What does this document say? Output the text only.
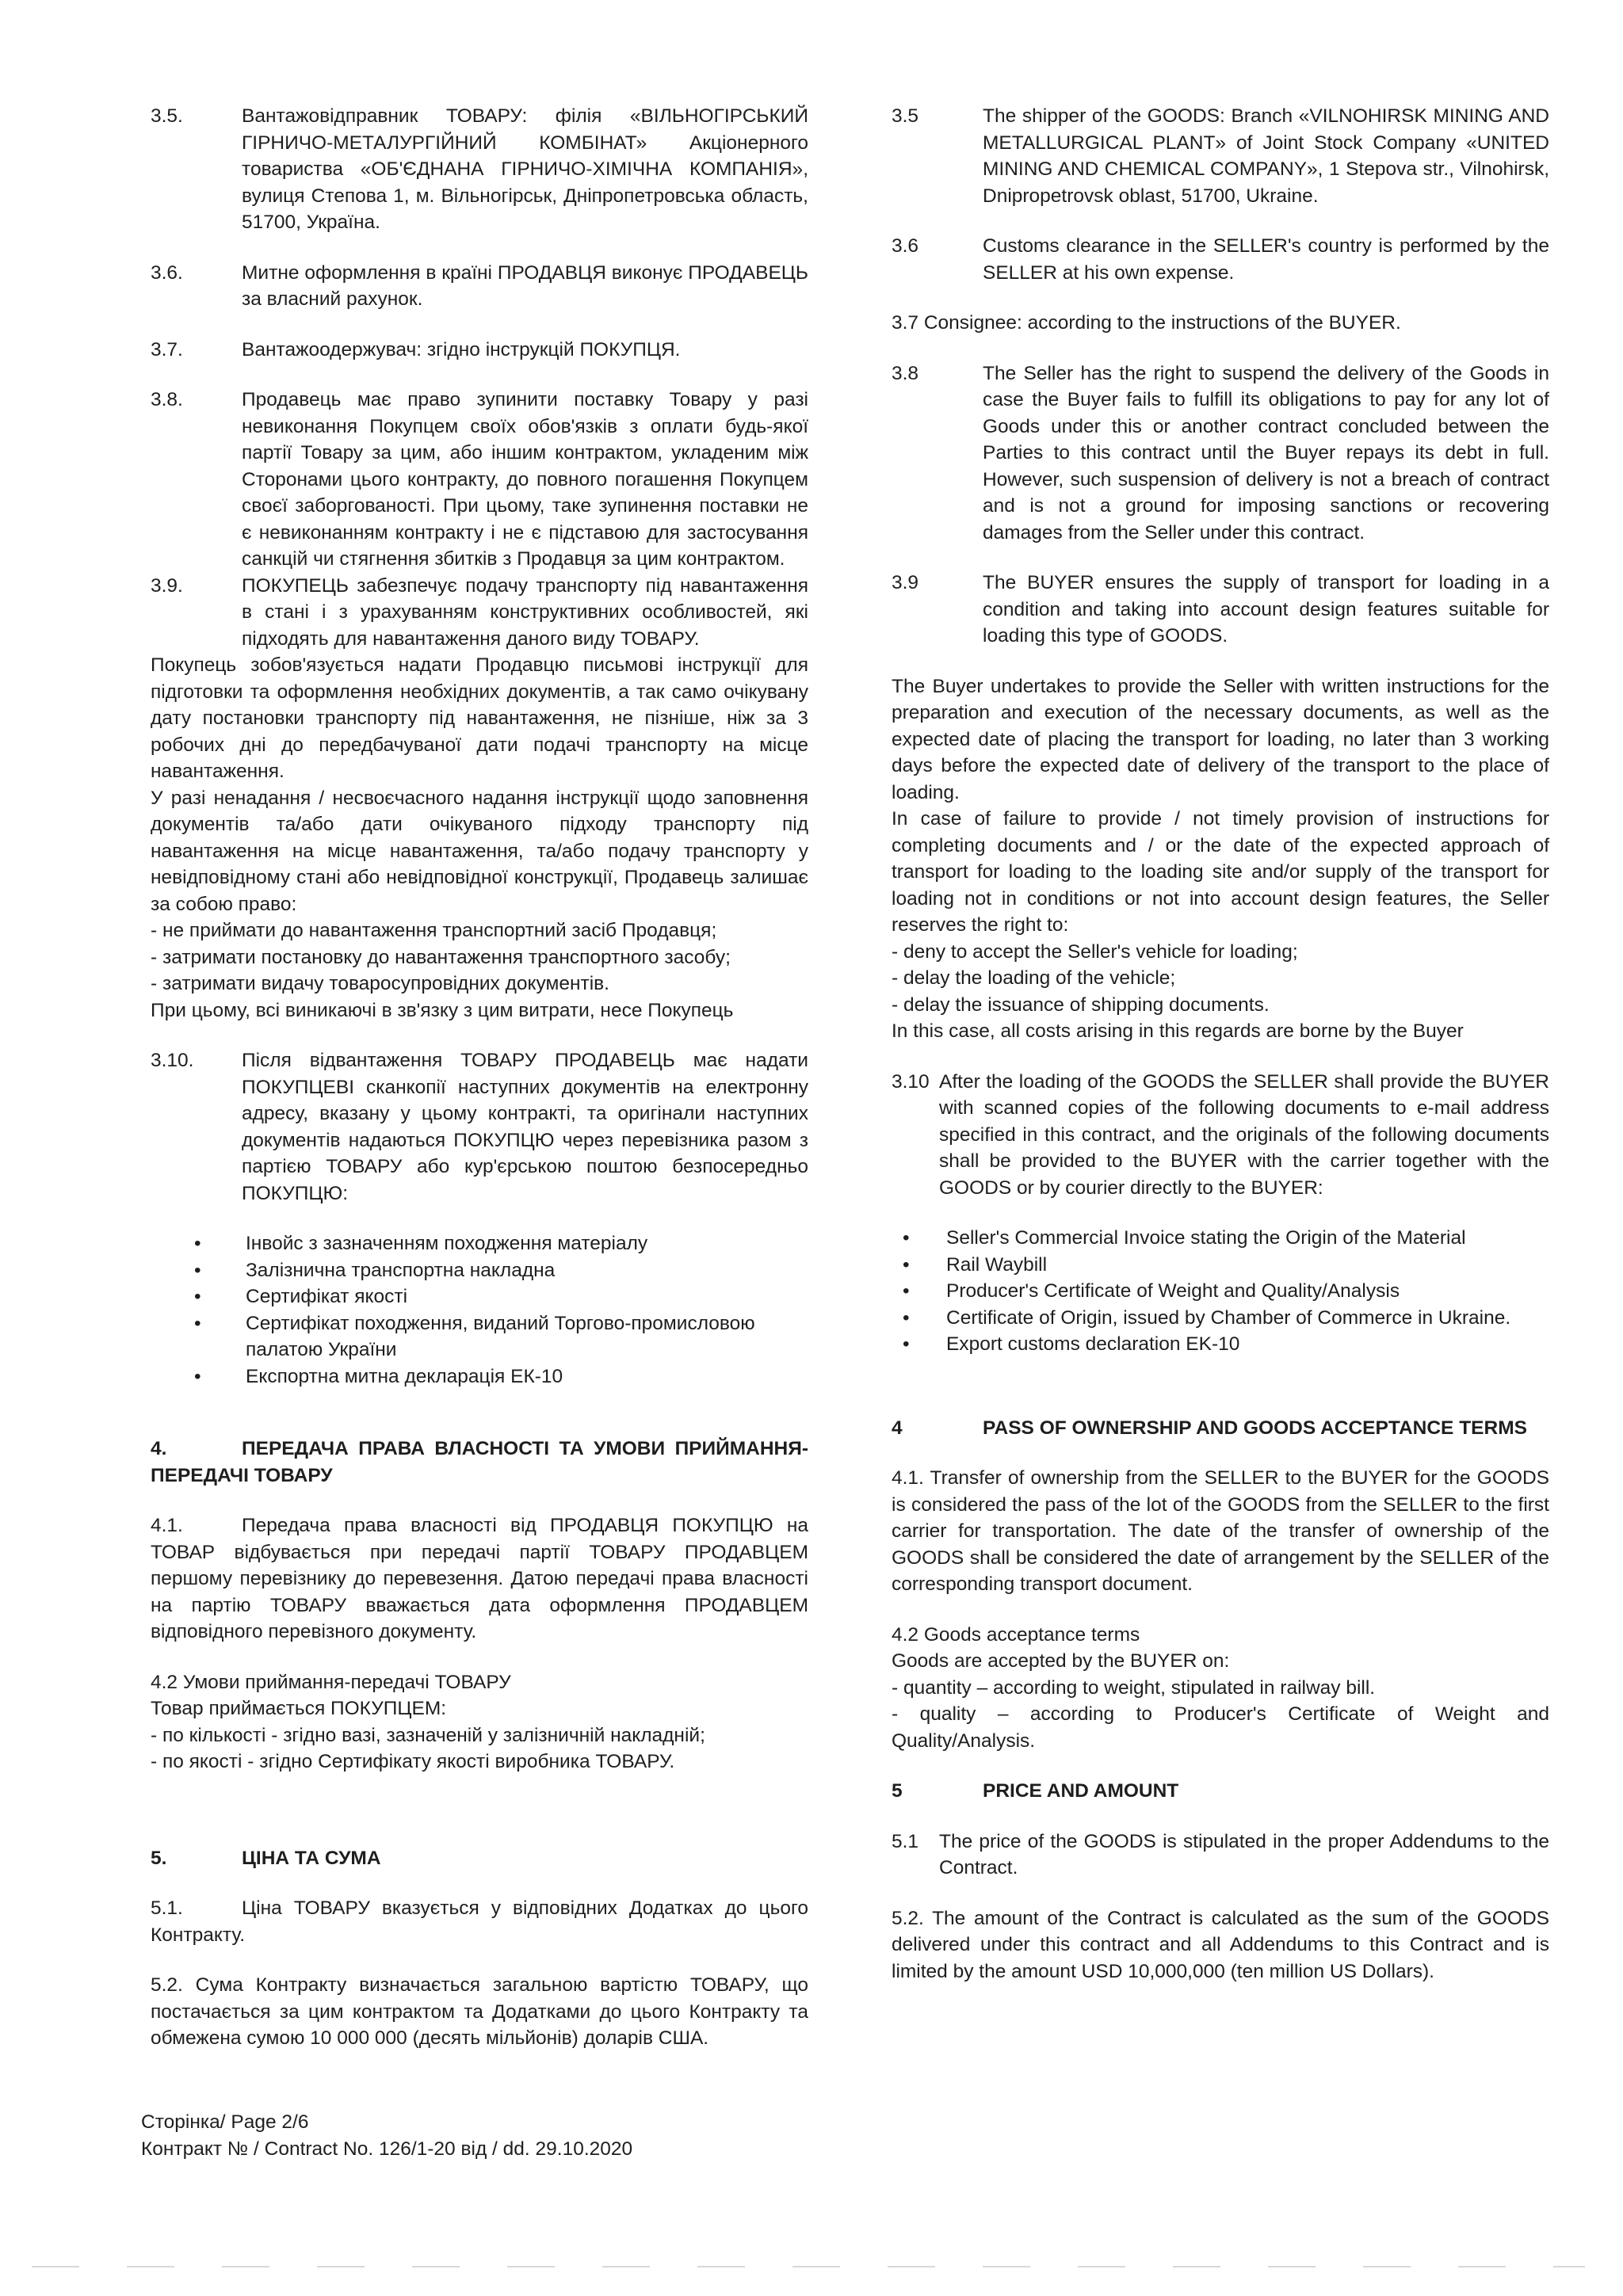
3.5.	Вантажовідправник ТОВАРУ: філія «ВІЛЬНОГІРСЬКИЙ ГІРНИЧО-МЕТАЛУРГІЙНИЙ КОМБІНАТ» Акціонерного товариства «ОБ'ЄДНАНА ГІРНИЧО-ХІМІЧНА КОМПАНІЯ», вулиця Степова 1, м. Вільногірськ, Дніпропетровська область, 51700, Україна.
3.6.	Митне оформлення в країні ПРОДАВЦЯ виконує ПРОДАВЕЦЬ за власний рахунок.
3.7.	Вантажоодержувач: згідно інструкцій ПОКУПЦЯ.
3.8.	Продавець має право зупинити поставку Товару у разі невиконання Покупцем своїх обов'язків з оплати будь-якої партії Товару за цим, або іншим контрактом, укладеним між Сторонами цього контракту, до повного погашення Покупцем своєї заборгованості. При цьому, таке зупинення поставки не є невиконанням контракту і не є підставою для застосування санкцій чи стягнення збитків з Продавця за цим контрактом.
3.9.	ПОКУПЕЦЬ забезпечує подачу транспорту під навантаження в стані і з урахуванням конструктивних особливостей, які підходять для навантаження даного виду ТОВАРУ.

Покупець зобов'язується надати Продавцю письмові інструкції для підготовки та оформлення необхідних документів, а так само очікувану дату постановки транспорту під навантаження, не пізніше, ніж за 3 робочих дні до передбачуваної дати подачі транспорту на місце навантаження.

У разі ненадання / несвоєчасного надання інструкції щодо заповнення документів та/або дати очікуваного підходу транспорту під навантаження на місце навантаження, та/або подачу транспорту у невідповідному стані або невідповідної конструкції, Продавець залишає за собою право:

- не приймати до навантаження транспортний засіб Продавця;

- затримати постановку до навантаження транспортного засобу;

- затримати видачу товаросупровідних документів.

При цьому, всі виникаючі в зв'язку з цим витрати, несе Покупець

3.10.	Після відвантаження ТОВАРУ ПРОДАВЕЦЬ має надати ПОКУПЦЕВІ сканкопії наступних документів на електронну адресу, вказану у цьому контракті, та оригінали наступних документів надаються ПОКУПЦЮ через перевізника разом з партією ТОВАРУ або кур'єрською поштою безпосередньо ПОКУПЦЮ:
•	Інвойс з зазначенням походження матеріалу
•	Залізнична транспортна накладна
•	Сертифікат якості
•	Сертифікат походження, виданий Торгово-промисловою палатою України
•	Експортна митна декларація ЕК-10

4.	ПЕРЕДАЧА ПРАВА ВЛАСНОСТІ ТА УМОВИ ПРИЙМАННЯ-ПЕРЕДАЧІ ТОВАРУ

4.1.	Передача права власності від ПРОДАВЦЯ ПОКУПЦЮ на ТОВАР відбувається при передачі партії ТОВАРУ ПРОДАВЦЕМ першому перевізнику до перевезення. Датою передачі права власності на партію ТОВАРУ вважається дата оформлення ПРОДАВЦЕМ відповідного перевізного документу.

4.2 Умови приймання-передачі ТОВАРУ

Товар приймається ПОКУПЦЕМ:

- по кількості - згідно вазі, зазначеній у залізничній накладній;

- по якості - згідно Сертифікату якості виробника ТОВАРУ.

5.	ЦІНА ТА СУМА

5.1.	Ціна ТОВАРУ вказується у відповідних Додатках до цього Контракту.

5.2. Сума Контракту визначається загальною вартістю ТОВАРУ, що постачається за цим контрактом та Додатками до цього Контракту та обмежена сумою 10 000 000 (десять мільйонів) доларів США.

3.5	The shipper of the GOODS: Branch «VILNOHIRSK MINING AND METALLURGICAL PLANT» of Joint Stock Company «UNITED MINING AND CHEMICAL COMPANY», 1 Stepova str., Vilnohirsk, Dnipropetrovsk oblast, 51700, Ukraine.
3.6	Customs clearance in the SELLER's country is performed by the SELLER at his own expense.

3.7 Consignee: according to the instructions of the BUYER.

3.8	The Seller has the right to suspend the delivery of the Goods in case the Buyer fails to fulfill its obligations to pay for any lot of Goods under this or another contract concluded between the Parties to this contract until the Buyer repays its debt in full. However, such suspension of delivery is not a breach of contract and is not a ground for imposing sanctions or recovering damages from the Seller under this contract.
3.9	The BUYER ensures the supply of transport for loading in a condition and taking into account design features suitable for loading this type of GOODS.

The Buyer undertakes to provide the Seller with written instructions for the preparation and execution of the necessary documents, as well as the expected date of placing the transport for loading, no later than 3 working days before the expected date of delivery of the transport to the place of loading.

In case of failure to provide / not timely provision of instructions for completing documents and / or the date of the expected approach of transport for loading to the loading site and/or supply of the transport for loading not in conditions or not into account design features, the Seller reserves the right to:

- deny to accept the Seller's vehicle for loading;

- delay the loading of the vehicle;

- delay the issuance of shipping documents.

In this case, all costs arising in this regards are borne by the Buyer

3.10 After the loading of the GOODS the SELLER shall provide the BUYER with scanned copies of the following documents to e-mail address specified in this contract, and the originals of the following documents shall be provided to the BUYER with the carrier together with the GOODS or by courier directly to the BUYER:
•	Seller's Commercial Invoice stating the Origin of the Material
•	Rail Waybill
•	Producer's Certificate of Weight and Quality/Analysis
•	Certificate of Origin, issued by Chamber of Commerce in Ukraine.
•	Export customs declaration EK-10

4	PASS OF OWNERSHIP AND GOODS ACCEPTANCE TERMS

4.1. Transfer of ownership from the SELLER to the BUYER for the GOODS is considered the pass of the lot of the GOODS from the SELLER to the first carrier for transportation. The date of the transfer of ownership of the GOODS shall be considered the date of arrangement by the SELLER of the corresponding transport document.

4.2 Goods acceptance terms

Goods are accepted by the BUYER on:

- quantity – according to weight, stipulated in railway bill.

- quality – according to Producer's Certificate of Weight and Quality/Analysis.

5	PRICE AND AMOUNT

5.1	The price of the GOODS is stipulated in the proper Addendums to the Contract.

5.2. The amount of the Contract is calculated as the sum of the GOODS delivered under this contract and all Addendums to this Contract and is limited by the amount USD 10,000,000 (ten million US Dollars).

Сторінка/ Page 2/6

Контракт № / Contract No. 126/1-20 від / dd. 29.10.2020
